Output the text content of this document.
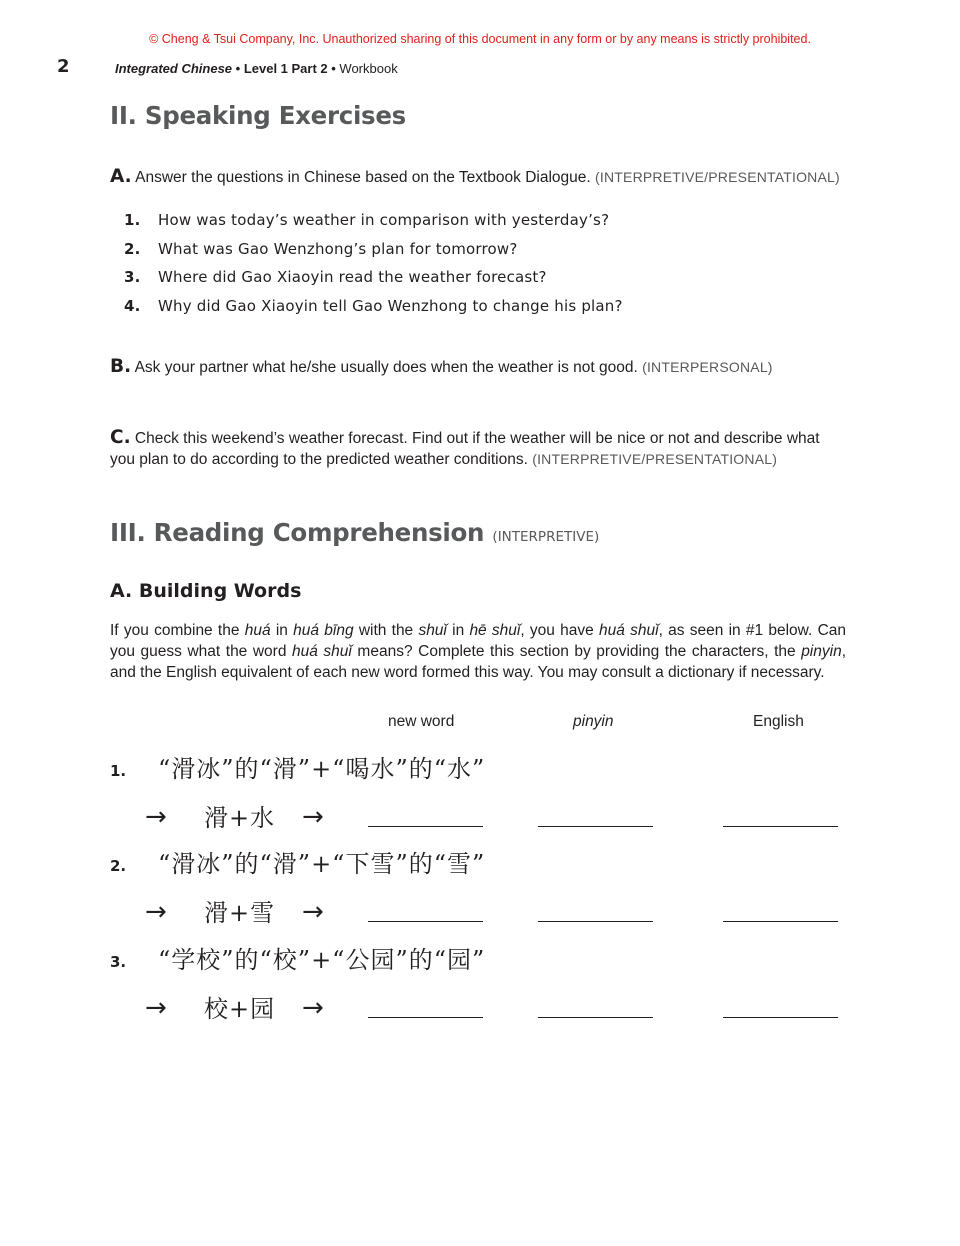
© Cheng & Tsui Company, Inc. Unauthorized sharing of this document in any form or by any means is strictly prohibited.
2	Integrated Chinese • Level 1 Part 2 • Workbook
II. Speaking Exercises
A. Answer the questions in Chinese based on the Textbook Dialogue. (INTERPRETIVE/PRESENTATIONAL)
1. How was today’s weather in comparison with yesterday’s?
2. What was Gao Wenzhong’s plan for tomorrow?
3. Where did Gao Xiaoyin read the weather forecast?
4. Why did Gao Xiaoyin tell Gao Wenzhong to change his plan?
B. Ask your partner what he/she usually does when the weather is not good. (INTERPERSONAL)
C. Check this weekend’s weather forecast. Find out if the weather will be nice or not and describe what you plan to do according to the predicted weather conditions. (INTERPRETIVE/PRESENTATIONAL)
III. Reading Comprehension (INTERPRETIVE)
A. Building Words
If you combine the huá in huá bīng with the shuǐ in hē shuǐ, you have huá shuǐ, as seen in #1 below. Can you guess what the word huá shuǐ means? Complete this section by providing the characters, the pinyin, and the English equivalent of each new word formed this way. You may consult a dictionary if necessary.
new word	pinyin	English
1. “滑冰”的“滑”+“喝水”的“水”
→ 滑+水 →
2. “滑冰”的“滑”+“下雪”的“雪”
→ 滑+雪 →
3. “学校”的“校”+“公园”的“园”
→ 校+园 →
